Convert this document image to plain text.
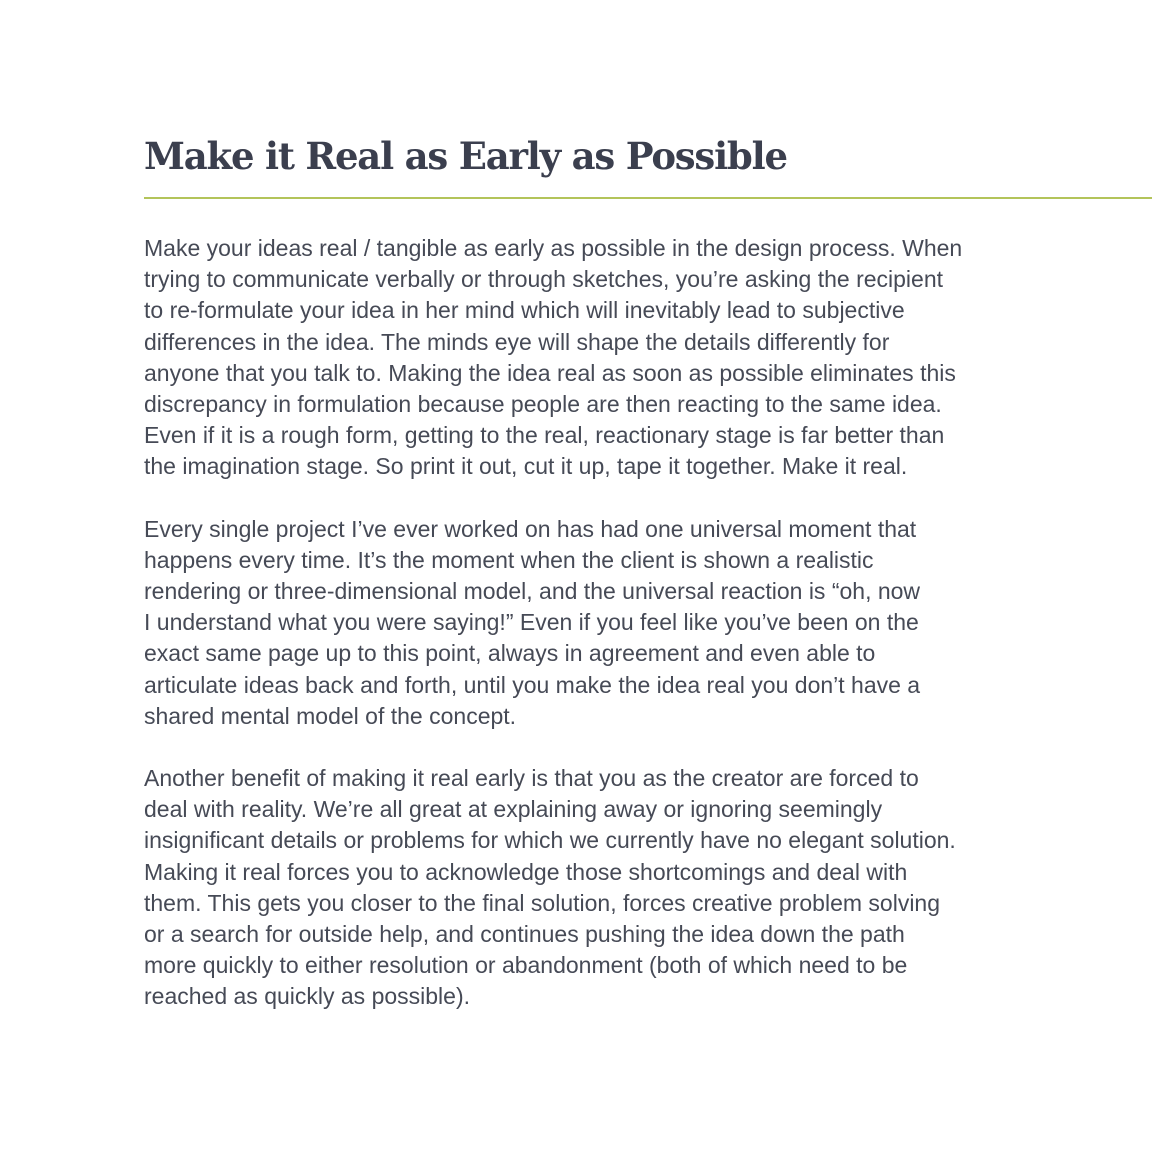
Make it Real as Early as Possible

Make your ideas real / tangible as early as possible in the design process. When
trying to communicate verbally or through sketches, you’re asking the recipient
to re-formulate your idea in her mind which will inevitably lead to subjective
differences in the idea. The minds eye will shape the details differently for
anyone that you talk to. Making the idea real as soon as possible eliminates this
discrepancy in formulation because people are then reacting to the same idea.
Even if it is a rough form, getting to the real, reactionary stage is far better than
the imagination stage. So print it out, cut it up, tape it together. Make it real.

Every single project I’ve ever worked on has had one universal moment that
happens every time. It’s the moment when the client is shown a realistic
rendering or three-dimensional model, and the universal reaction is “oh, now
I understand what you were saying!” Even if you feel like you’ve been on the
exact same page up to this point, always in agreement and even able to
articulate ideas back and forth, until you make the idea real you don’t have a
shared mental model of the concept.

Another benefit of making it real early is that you as the creator are forced to
deal with reality. We’re all great at explaining away or ignoring seemingly
insignificant details or problems for which we currently have no elegant solution.
Making it real forces you to acknowledge those shortcomings and deal with
them. This gets you closer to the final solution, forces creative problem solving
or a search for outside help, and continues pushing the idea down the path
more quickly to either resolution or abandonment (both of which need to be
reached as quickly as possible).
